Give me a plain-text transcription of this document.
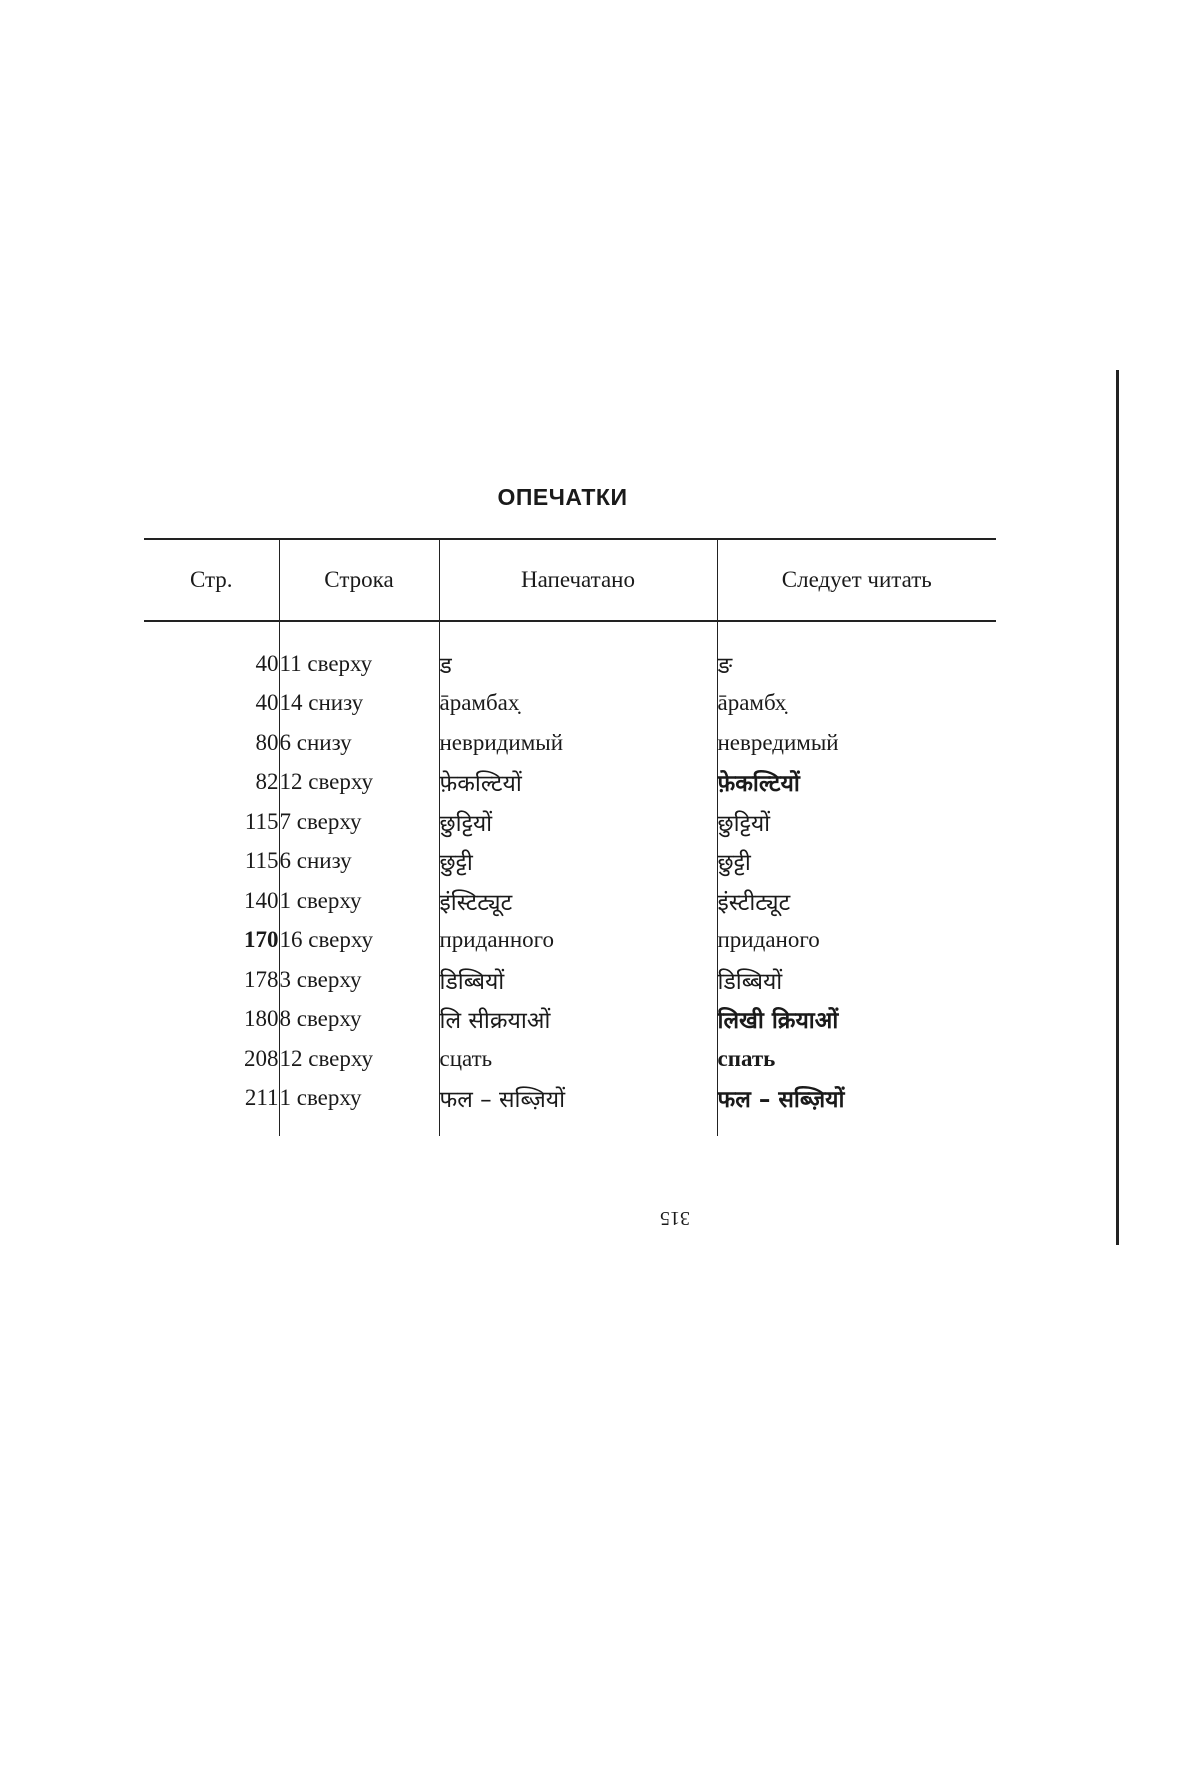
ОПЕЧАТКИ
Стр.	Строка	Напечатано	Следует читать

40	11 сверху	ड	ङ
40	14 снизу	āрамбах̣	āрамбх̣
80	6 снизу	невридимый	невредимый
82	12 сверху	फ़ेकल्टियों	फ़ेकल्टियों
115	7 сверху	छुट्टियों	छुट्टियों
115	6 снизу	छुट्टी	छुट्टी
140	1 сверху	इंस्टिट्यूट	इंस्टीट्यूट
170	16 сверху	приданного	приданого
178	3 сверху	डिब्बियों	डिब्बियों
180	8 сверху	लि सीक्रयाओं	लिखी क्रियाओं
208	12 сверху	сцать	спать
211	1 сверху	फल – सब्ज़ियों	फल – सब्ज़ियों

315
